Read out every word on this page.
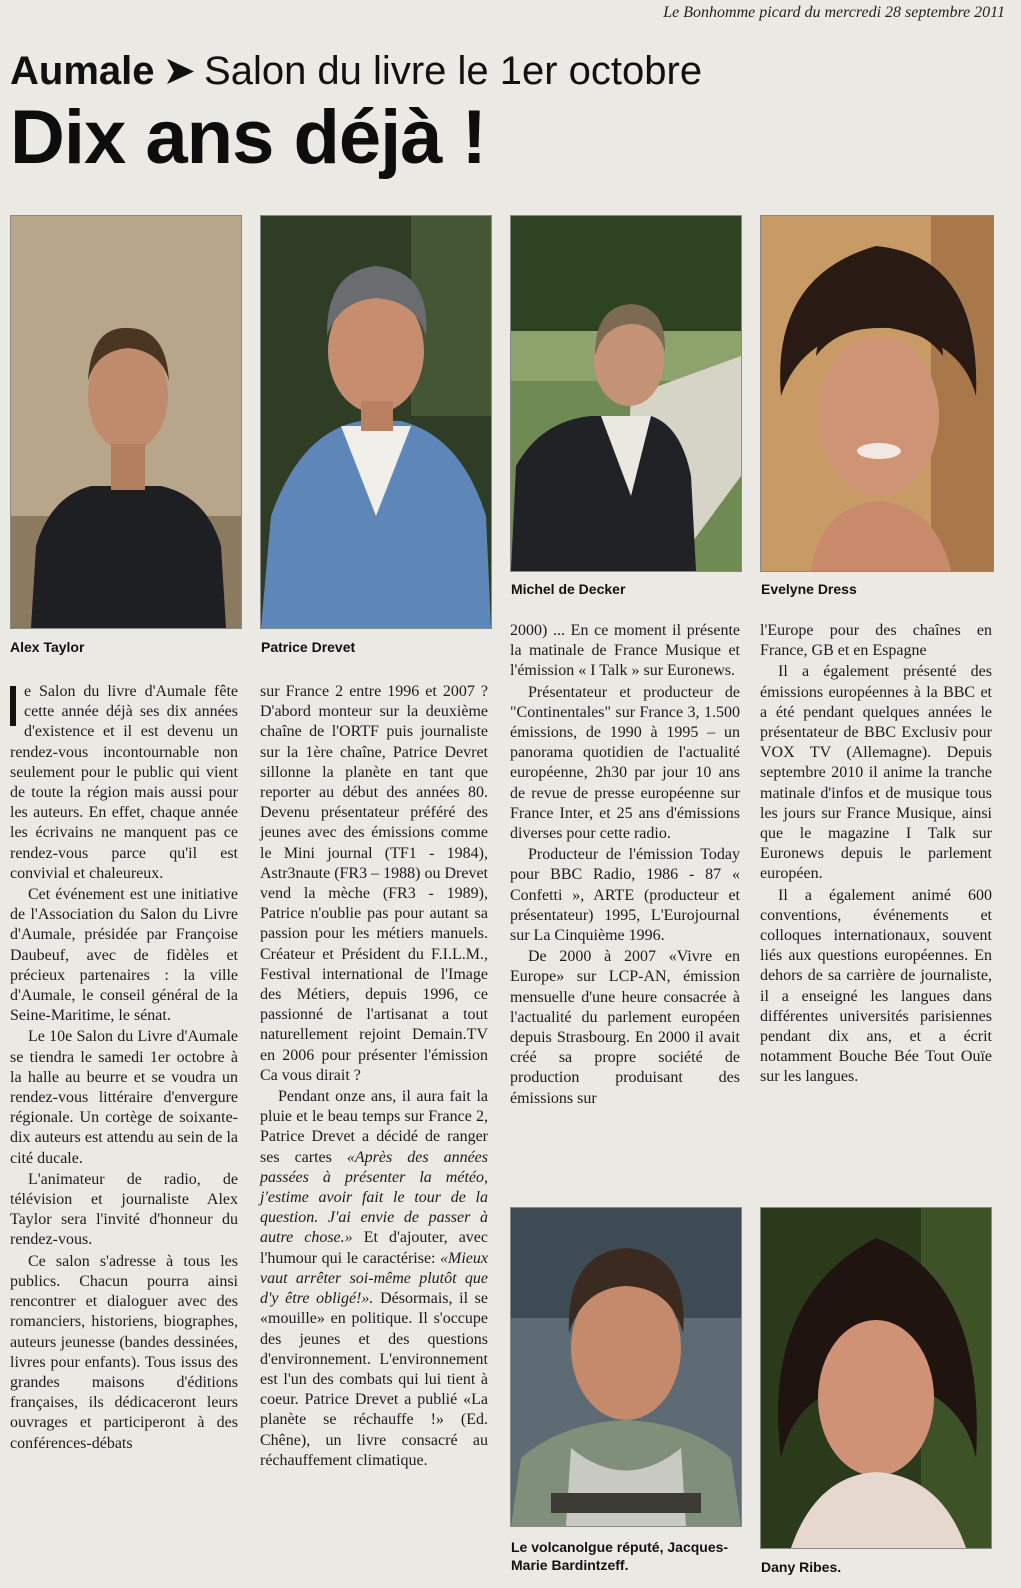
Le Bonhomme picard du mercredi 28 septembre 2011
Aumale ➤ Salon du livre le 1er octobre
Dix ans déjà !
Alex Taylor	Patrice Drevet
Michel de Decker	Evelyne Dress

e Salon du livre d'Aumale fête cette année déjà ses dix années d'existence et il est devenu un rendez-vous incontournable non seulement pour le public qui vient de toute la région mais aussi pour les auteurs. En effet, chaque année les écrivains ne manquent pas ce rendez-vous parce qu'il est convivial et chaleureux.

Cet événement est une initiative de l'Association du Salon du Livre d'Aumale, présidée par Françoise Daubeuf, avec de fidèles et précieux partenaires : la ville d'Aumale, le conseil général de la Seine-Maritime, le sénat.

Le 10e Salon du Livre d'Aumale se tiendra le samedi 1er octobre à la halle au beurre et se voudra un rendez-vous littéraire d'envergure régionale. Un cortège de soixante-dix auteurs est attendu au sein de la cité ducale.

L'animateur de radio, de télévision et journaliste Alex Taylor sera l'invité d'honneur du rendez-vous.

Ce salon s'adresse à tous les publics. Chacun pourra ainsi rencontrer et dialoguer avec des romanciers, historiens, biographes, auteurs jeunesse (bandes dessinées, livres pour enfants). Tous issus des grandes maisons d'éditions françaises, ils dédicaceront leurs ouvrages et participeront à des conférences-débats

sur France 2 entre 1996 et 2007 ? D'abord monteur sur la deuxième chaîne de l'ORTF puis journaliste sur la 1ère chaîne, Patrice Devret sillonne la planète en tant que reporter au début des années 80. Devenu présentateur préféré des jeunes avec des émissions comme le Mini journal (TF1 - 1984), Astr3naute (FR3 – 1988) ou Drevet vend la mèche (FR3 - 1989), Patrice n'oublie pas pour autant sa passion pour les métiers manuels. Créateur et Président du F.I.L.M., Festival international de l'Image des Métiers, depuis 1996, ce passionné de l'artisanat a tout naturellement rejoint Demain.TV en 2006 pour présenter l'émission Ca vous dirait ?

Pendant onze ans, il aura fait la pluie et le beau temps sur France 2, Patrice Drevet a décidé de ranger ses cartes «Après des années passées à présenter la météo, j'estime avoir fait le tour de la question. J'ai envie de passer à autre chose.» Et d'ajouter, avec l'humour qui le caractérise: «Mieux vaut arrêter soi-même plutôt que d'y être obligé!». Désormais, il se «mouille» en politique. Il s'occupe des jeunes et des questions d'environnement. L'environnement est l'un des combats qui lui tient à coeur. Patrice Drevet a publié «La planète se réchauffe !» (Ed. Chêne), un livre consacré au réchauffement climatique.

2000) ... En ce moment il présente la matinale de France Musique et l'émission « I Talk » sur Euronews.

Présentateur et producteur de "Continentales" sur France 3, 1.500 émissions, de 1990 à 1995 – un panorama quotidien de l'actualité européenne, 2h30 par jour 10 ans de revue de presse européenne sur France Inter, et 25 ans d'émissions diverses pour cette radio.

Producteur de l'émission Today pour BBC Radio, 1986 - 87 « Confetti », ARTE (producteur et présentateur) 1995, L'Eurojournal sur La Cinquième 1996.

De 2000 à 2007 «Vivre en Europe» sur LCP-AN, émission mensuelle d'une heure consacrée à l'actualité du parlement européen depuis Strasbourg. En 2000 il avait créé sa propre société de production produisant des émissions sur

l'Europe pour des chaînes en France, GB et en Espagne

Il a également présenté des émissions européennes à la BBC et a été pendant quelques années le présentateur de BBC Exclusiv pour VOX TV (Allemagne). Depuis septembre 2010 il anime la tranche matinale d'infos et de musique tous les jours sur France Musique, ainsi que le magazine I Talk sur Euronews depuis le parlement européen.

Il a également animé 600 conventions, événements et colloques internationaux, souvent liés aux questions européennes. En dehors de sa carrière de journaliste, il a enseigné les langues dans différentes universités parisiennes pendant dix ans, et a écrit notamment Bouche Bée Tout Ouïe sur les langues.

Le volcanolgue réputé, Jacques-
Marie Bardintzeff.	Dany Ribes.
